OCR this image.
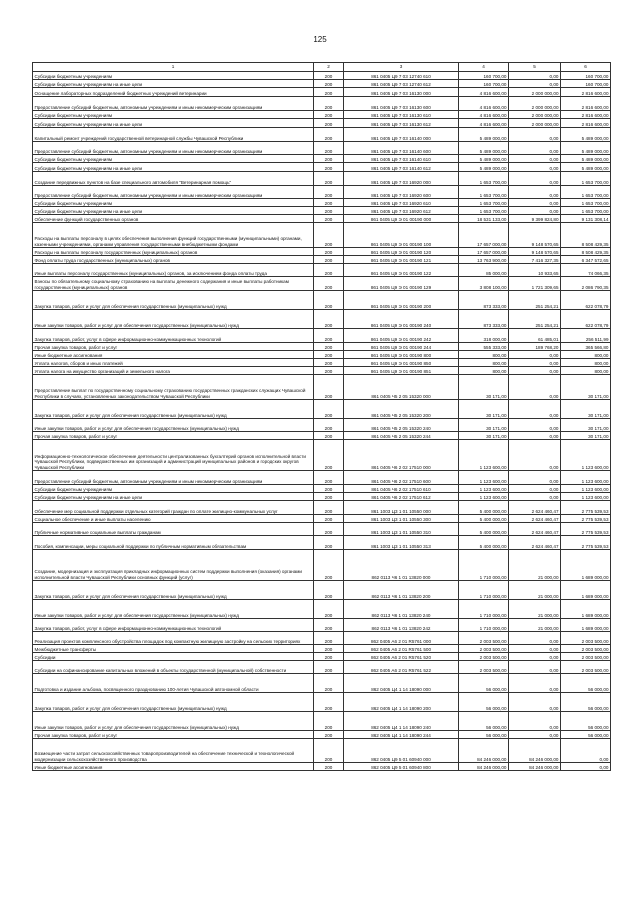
125
1	2	3	4	5	6
Субсидии бюджетным учреждениям	200	861 0405 Ц9 7 03 12740 610	160 700,00	0,00	160 700,00
Субсидии бюджетным учреждениям на иные цели	200	861 0405 Ц9 7 03 12740 612	160 700,00	0,00	160 700,00
Оснащение лабораторных подразделений бюджетных учреждений ветеринарии	200	861 0405 Ц9 7 03 16130 000	4 816 600,00	2 000 000,00	2 816 600,00
Предоставление субсидий бюджетным, автономным учреждениям и иным некоммерческим организациям	200	861 0405 Ц9 7 03 16130 600	4 816 600,00	2 000 000,00	2 816 600,00
Субсидии бюджетным учреждениям	200	861 0405 Ц9 7 03 16130 610	4 816 600,00	2 000 000,00	2 816 600,00
Субсидии бюджетным учреждениям на иные цели	200	861 0405 Ц9 7 03 16130 612	4 816 600,00	2 000 000,00	2 816 600,00
Капитальный ремонт учреждений государственной ветеринарной службы Чувашской Республики	200	861 0405 Ц9 7 03 16140 000	5 489 000,00	0,00	5 489 000,00
Предоставление субсидий бюджетным, автономным учреждениям и иным некоммерческим организациям	200	861 0405 Ц9 7 03 16140 600	5 489 000,00	0,00	5 489 000,00
Субсидии бюджетным учреждениям	200	861 0405 Ц9 7 03 16140 610	5 489 000,00	0,00	5 489 000,00
Субсидии бюджетным учреждениям на иные цели	200	861 0405 Ц9 7 03 16140 612	5 489 000,00	0,00	5 489 000,00
Создание передвижных пунктов на базе специального автомобиля "Ветеринарная помощь"	200	861 0405 Ц9 7 03 16920 000	1 653 700,00	0,00	1 653 700,00
Предоставление субсидий бюджетным, автономным учреждениям и иным некоммерческим организациям	200	861 0405 Ц9 7 03 16920 600	1 653 700,00	0,00	1 653 700,00
Субсидии бюджетным учреждениям	200	861 0405 Ц9 7 03 16920 610	1 653 700,00	0,00	1 653 700,00
Субсидии бюджетным учреждениям на иные цели	200	861 0405 Ц9 7 03 16920 612	1 653 700,00	0,00	1 653 700,00
Обеспечение функций государственных органов	200	861 0405 Ц9 Э 01 00190 000	18 531 133,00	9 399 824,80	9 131 308,14
Расходы на выплаты персоналу в целях обеспечения выполнения функций государственными (муниципальными) органами, казенными учреждениями, органами управления государственными внебюджетными фондами	200	861 0405 Ц9 Э 01 00190 100	17 657 000,00	9 148 570,65	8 508 429,35
Расходы на выплаты персоналу государственных (муниципальных) органов	200	861 0405 Ц9 Э 01 00190 120	17 657 000,00	9 148 570,65	8 508 429,35
Фонд оплаты труда государственных (муниципальных) органов	200	861 0405 Ц9 Э 01 00190 121	13 763 900,00	7 416 327,35	6 347 572,65
Иные выплаты персоналу государственных (муниципальных) органов, за исключением фонда оплаты труда	200	861 0405 Ц9 Э 01 00190 122	85 000,00	10 933,65	74 066,35
Взносы по обязательному социальному страхованию на выплаты денежного содержания и иные выплаты работникам государственных (муниципальных) органов	200	861 0405 Ц9 Э 01 00190 129	3 808 100,00	1 721 309,65	2 086 790,35
Закупка товаров, работ и услуг для обеспечения государственных (муниципальных) нужд	200	861 0405 Ц9 Э 01 00190 200	873 333,00	251 254,21	622 078,79
Иные закупки товаров, работ и услуг для обеспечения государственных (муниципальных) нужд	200	861 0405 Ц9 Э 01 00190 240	873 333,00	251 254,21	622 078,79
Закупка товаров, работ, услуг в сфере информационно-коммуникационных технологий	200	861 0405 Ц9 Э 01 00190 242	318 000,00	61 485,01	256 511,99
Прочая закупка товаров, работ и услуг	200	861 0405 Ц9 Э 01 00190 244	555 333,00	189 768,20	365 566,80
Иные бюджетные ассигнования	200	861 0405 Ц9 Э 01 00190 800	800,00	0,00	800,00
Уплата налогов, сборов и иных платежей	200	861 0405 Ц9 Э 01 00190 850	800,00	0,00	800,00
Уплата налога на имущество организаций и земельного налога	200	861 0405 Ц9 Э 01 00190 851	800,00	0,00	800,00
Предоставление выплат по государственному социальному страхованию государственных гражданских служащих Чувашской Республики в случаях, установленных законодательством Чувашской Республики	200	861 0405 Ч5 2 05 15320 000	30 171,00	0,00	30 171,00
Закупка товаров, работ и услуг для обеспечения государственных (муниципальных) нужд	200	861 0405 Ч5 2 05 15320 200	30 171,00	0,00	30 171,00
Иные закупки товаров, работ и услуг для обеспечения государственных (муниципальных) нужд	200	861 0405 Ч5 2 05 15320 240	30 171,00	0,00	30 171,00
Прочая закупка товаров, работ и услуг	200	861 0405 Ч5 2 05 15320 244	30 171,00	0,00	30 171,00
Информационно-технологическое обеспечение деятельности централизованных бухгалтерий органов исполнительной власти Чувашской Республики, подведомственных им организаций и администраций муниципальных районов и городских округов Чувашской Республики	200	861 0405 Ч6 2 02 17510 000	1 123 600,00	0,00	1 123 600,00
Предоставление субсидий бюджетным, автономным учреждениям и иным некоммерческим организациям	200	861 0405 Ч6 2 02 17510 600	1 123 600,00	0,00	1 123 600,00
Субсидии бюджетным учреждениям	200	861 0405 Ч6 2 02 17510 610	1 123 600,00	0,00	1 123 600,00
Субсидии бюджетным учреждениям на иные цели	200	861 0405 Ч6 2 02 17510 612	1 123 600,00	0,00	1 123 600,00
Обеспечение мер социальной поддержки отдельных категорий граждан по оплате жилищно-коммунальных услуг	200	861 1003 Ц3 1 01 10550 000	5 400 000,00	2 624 460,47	2 775 539,53
Социальное обеспечение и иные выплаты населению	200	861 1003 Ц3 1 01 10550 300	5 400 000,00	2 624 460,47	2 775 539,53
Публичные нормативные социальные выплаты гражданам	200	861 1003 Ц3 1 01 10550 310	5 400 000,00	2 624 460,47	2 775 539,53
Пособия, компенсации, меры социальной поддержки по публичным нормативным обязательствам	200	861 1003 Ц3 1 01 10550 313	5 400 000,00	2 624 460,47	2 775 539,53
Создание, модернизация и эксплуатация прикладных информационных систем поддержки выполнения (оказания) органами исполнительной власти Чувашской Республики основных функций (услуг)	200	862 0113 Ч6 1 01 13820 000	1 710 000,00	21 000,00	1 689 000,00
Закупка товаров, работ и услуг для обеспечения государственных (муниципальных) нужд	200	862 0113 Ч6 1 01 13820 200	1 710 000,00	21 000,00	1 689 000,00
Иные закупки товаров, работ и услуг для обеспечения государственных (муниципальных) нужд	200	862 0113 Ч6 1 01 13820 240	1 710 000,00	21 000,00	1 689 000,00
Закупка товаров, работ, услуг в сфере информационно-коммуникационных технологий	200	862 0113 Ч6 1 01 13820 242	1 710 000,00	21 000,00	1 689 000,00
Реализация проектов комплексного обустройства площадок под компактную жилищную застройку на сельских территориях	200	862 0405 А6 2 01 R5761 000	2 003 500,00	0,00	2 003 500,00
Межбюджетные трансферты	200	862 0405 А6 2 01 R5761 500	2 003 500,00	0,00	2 003 500,00
Субсидии	200	862 0405 А6 2 01 R5761 520	2 003 500,00	0,00	2 003 500,00
Субсидии на софинансирование капитальных вложений в объекты государственной (муниципальной) собственности	200	862 0405 А6 2 01 R5761 522	2 003 500,00	0,00	2 003 500,00
Подготовка и издание альбома, посвященного празднованию 100-летия Чувашской автономной области	200	862 0405 Ц4 1 14 18090 000	56 000,00	0,00	56 000,00
Закупка товаров, работ и услуг для обеспечения государственных (муниципальных) нужд	200	862 0405 Ц4 1 14 18090 200	56 000,00	0,00	56 000,00
Иные закупки товаров, работ и услуг для обеспечения государственных (муниципальных) нужд	200	862 0405 Ц4 1 14 18090 240	56 000,00	0,00	56 000,00
Прочая закупка товаров, работ и услуг	200	862 0405 Ц4 1 14 18090 244	56 000,00	0,00	56 000,00
Возмещение части затрат сельскохозяйственных товаропроизводителей на обеспечение технической и технологической модернизации сельскохозяйственного производства	200	862 0405 Ц9 5 01 60940 000	84 246 000,00	84 246 000,00	0,00
Иные бюджетные ассигнования	200	862 0405 Ц9 5 01 60940 800	84 246 000,00	84 246 000,00	0,00
